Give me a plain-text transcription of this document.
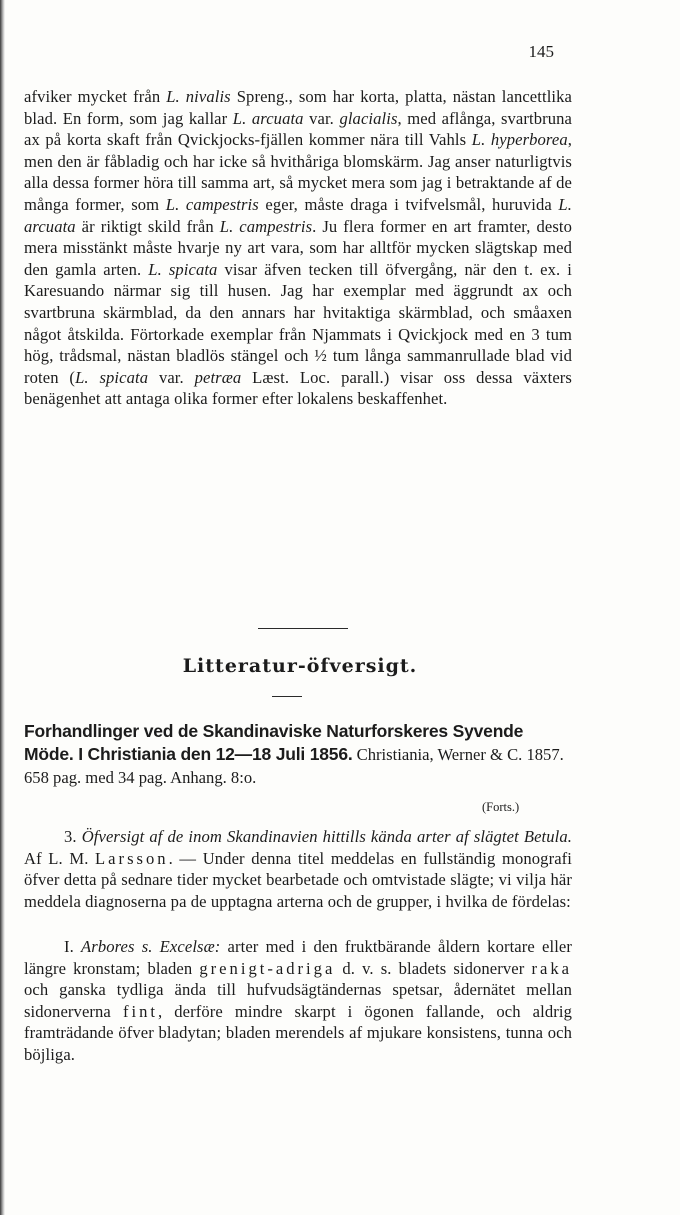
145

afviker mycket från L. nivalis Spreng., som har korta, platta, nästan lancettlika blad. En form, som jag kallar L. arcuata var. glacialis, med aflånga, svartbruna ax på korta skaft från Qvickjocks-fjällen kommer nära till Vahls L. hyperborea, men den är fåbladig och har icke så hvithåriga blomskärm. Jag anser naturligtvis alla dessa former höra till samma art, så mycket mera som jag i betraktande af de många former, som L. campestris eger, måste draga i tvifvelsmål, huruvida L. arcuata är riktigt skild från L. campestris. Ju flera former en art framter, desto mera misstänkt måste hvarje ny art vara, som har alltför mycken slägtskap med den gamla arten. L. spicata visar äfven tecken till öfvergång, när den t. ex. i Karesuando närmar sig till husen. Jag har exemplar med äggrundt ax och svartbruna skärmblad, da den annars har hvitaktiga skärmblad, och småaxen något åtskilda. Förtorkade exemplar från Njammats i Qvickjock med en 3 tum hög, trådsmal, nästan bladlös stängel och ½ tum långa sammanrullade blad vid roten (L. spicata var. petræa Læst. Loc. parall.) visar oss dessa växters benägenhet att antaga olika former efter lokalens beskaffenhet.

Litteratur-öfversigt.
Forhandlinger ved de Skandinaviske Naturforskeres Syvende Möde. I Christiania den 12—18 Juli 1856. Christiania, Werner & C. 1857. 658 pag. med 34 pag. Anhang. 8:o.
(Forts.)

3. Öfversigt af de inom Skandinavien hittills kända arter af slägtet Betula. Af L. M. Larsson. — Under denna titel meddelas en fullständig monografi öfver detta på sednare tider mycket bearbetade och omtvistade slägte; vi vilja här meddela diagnoserna pa de upptagna arterna och de grupper, i hvilka de fördelas:

I. Arbores s. Excelsæ: arter med i den fruktbärande åldern kortare eller längre kronstam; bladen grenigt-adriga d. v. s. bladets sidonerver raka och ganska tydliga ända till hufvudsägtändernas spetsar, ådernätet mellan sidonerverna fint, derföre mindre skarpt i ögonen fallande, och aldrig framträdande öfver bladytan; bladen merendels af mjukare konsistens, tunna och böjliga.
